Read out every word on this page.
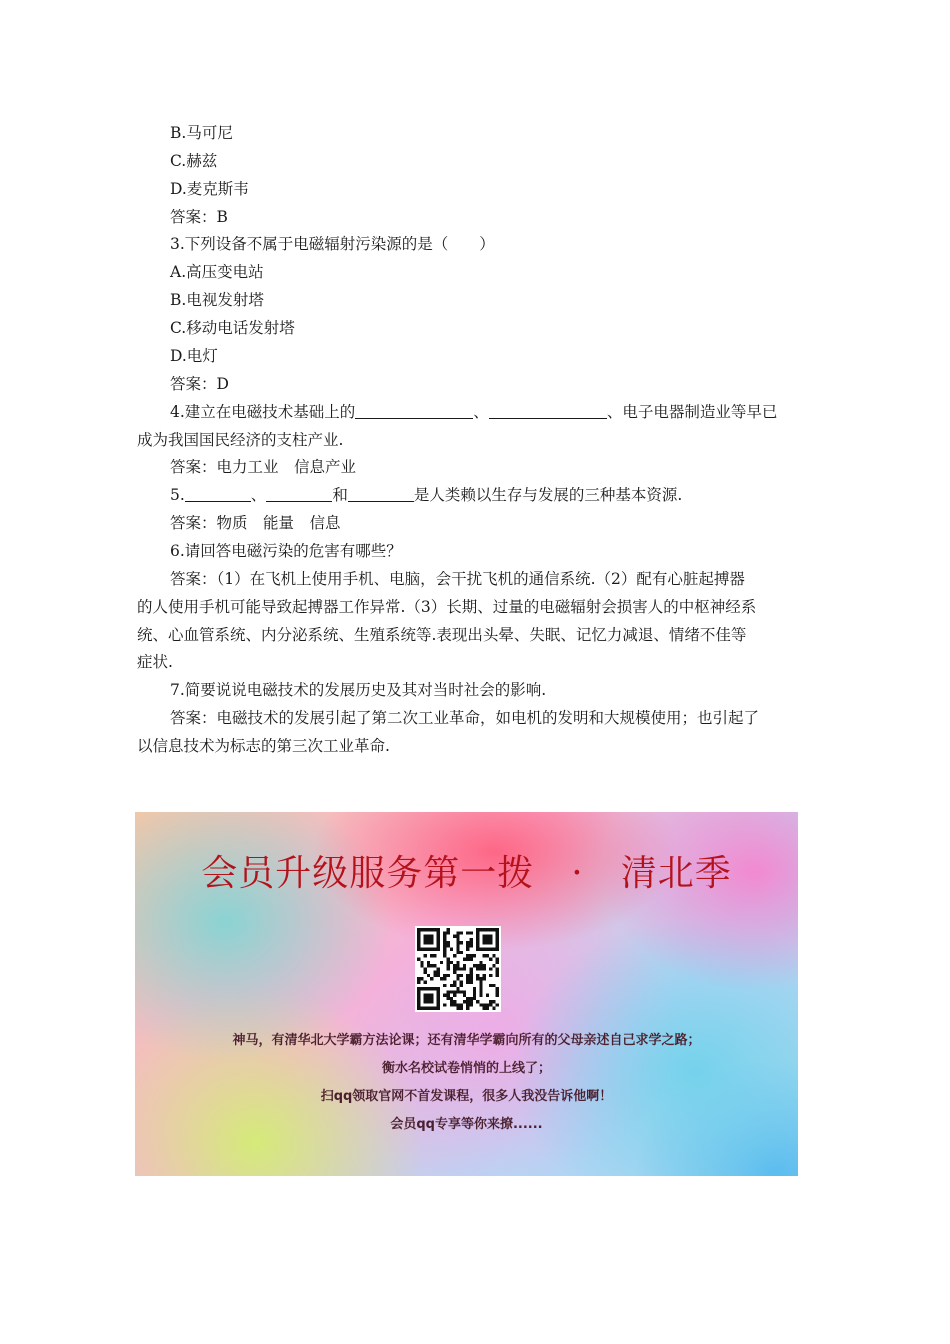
B.马可尼
C.赫兹
D.麦克斯韦
答案：B
3.下列设备不属于电磁辐射污染源的是（　　）
A.高压变电站
B.电视发射塔
C.移动电话发射塔
D.电灯
答案：D
4.建立在电磁技术基础上的	、	、电子电器制造业等早已
成为我国国民经济的支柱产业.
答案：电力工业　信息产业
5.	、	和	是人类赖以生存与发展的三种基本资源.
答案：物质　能量　信息
6.请回答电磁污染的危害有哪些？
答案：（1）在飞机上使用手机、电脑，会干扰飞机的通信系统.（2）配有心脏起搏器
的人使用手机可能导致起搏器工作异常.（3）长期、过量的电磁辐射会损害人的中枢神经系
统、心血管系统、内分泌系统、生殖系统等.表现出头晕、失眠、记忆力减退、情绪不佳等
症状.
7.简要说说电磁技术的发展历史及其对当时社会的影响.
答案：电磁技术的发展引起了第二次工业革命，如电机的发明和大规模使用；也引起了
以信息技术为标志的第三次工业革命.
会员升级服务第一拨　·　清北季
神马，有清华北大学霸方法论课；还有清华学霸向所有的父母亲述自己求学之路；
衡水名校试卷悄悄的上线了；
扫qq领取官网不首发课程，很多人我没告诉他啊！
会员qq专享等你来撩......
